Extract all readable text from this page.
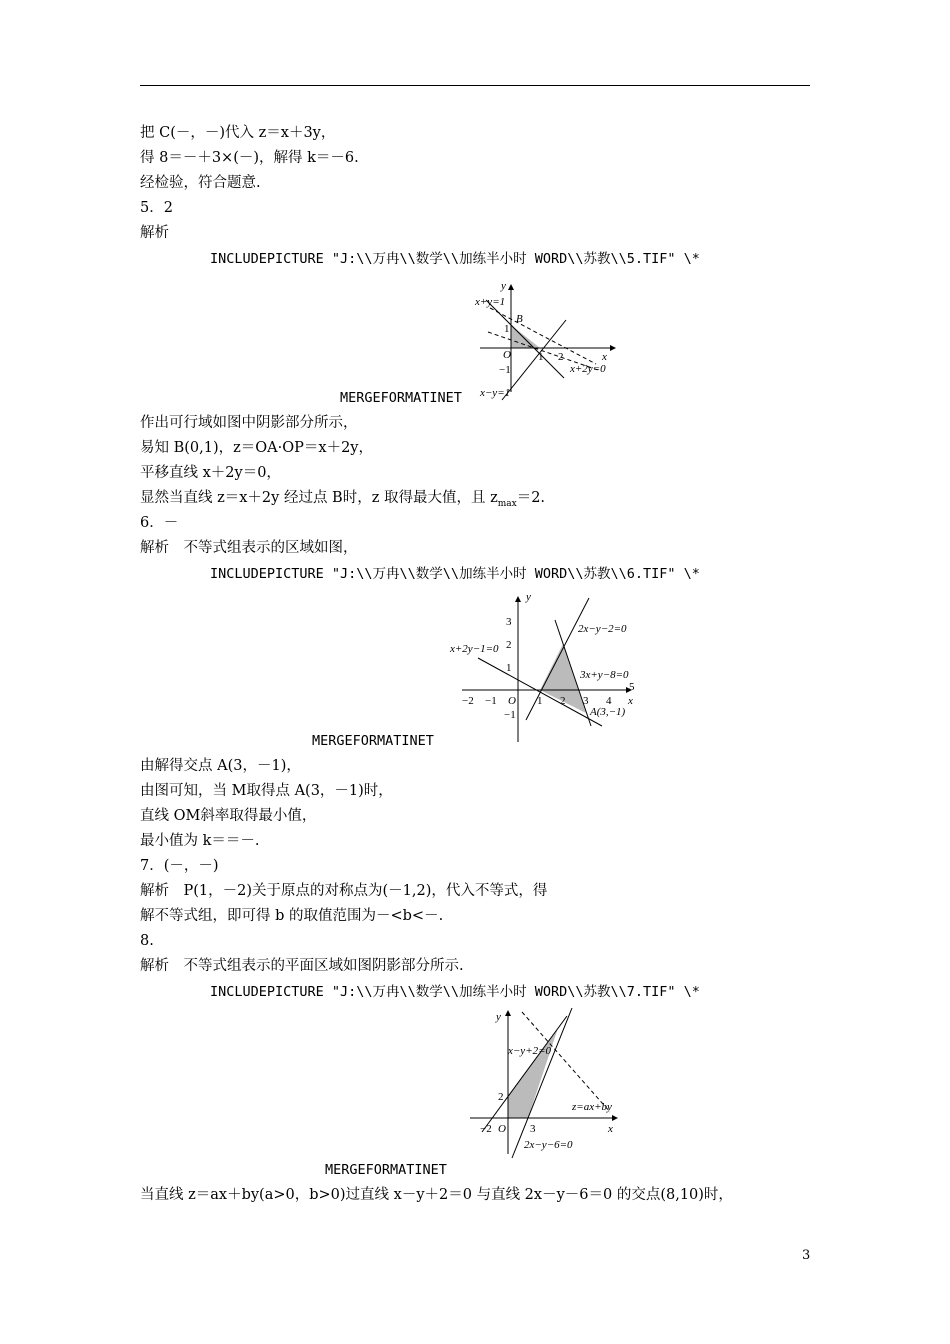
把 C(－，－)代入 z＝x＋3y，
得 8＝－＋3×(－)，解得 k＝－6.
经检验，符合题意.
5．2
解析
INCLUDEPICTURE "J:\\万冉\\数学\\加练半小时 WORD\\苏教\\5.TIF" \*
y
x
B
O
1
−1
1 2
x+y=1
x+2y=0
x−y=1
MERGEFORMATINET
作出可行域如图中阴影部分所示，
易知 B(0,1)，z＝OA·OP＝x＋2y，
平移直线 x＋2y＝0，
显然当直线 z＝x＋2y 经过点 B时，z 取得最大值，且 $z_{max}=2$.
6．－
解析　不等式组表示的区域如图，
INCLUDEPICTURE "J:\\万冉\\数学\\加练半小时 WORD\\苏教\\6.TIF" \*
y
x
O
3
2
1
−1
−2 −1	1 2 3 4
5
2x−y−2=0
x+2y−1=0
3x+y−8=0
A(3,−1)
MERGEFORMATINET
由解得交点 A(3，－1)，
由图可知，当 M取得点 A(3，－1)时，
直线 OM斜率取得最小值，
最小值为 k＝＝－.
7．(－，－)
解析　P(1，－2)关于原点的对称点为(－1,2)，代入不等式，得
解不等式组，即可得 b 的取值范围为－<b<－.
8.
解析　不等式组表示的平面区域如图阴影部分所示.
INCLUDEPICTURE "J:\\万冉\\数学\\加练半小时 WORD\\苏教\\7.TIF" \*
y
x
O
−2
2
3
x−y+2=0
z=ax+by
2x−y−6=0
MERGEFORMATINET
当直线 z＝ax＋by(a>0，b>0)过直线 x－y＋2＝0 与直线 2x－y－6＝0 的交点(8,10)时，
3
